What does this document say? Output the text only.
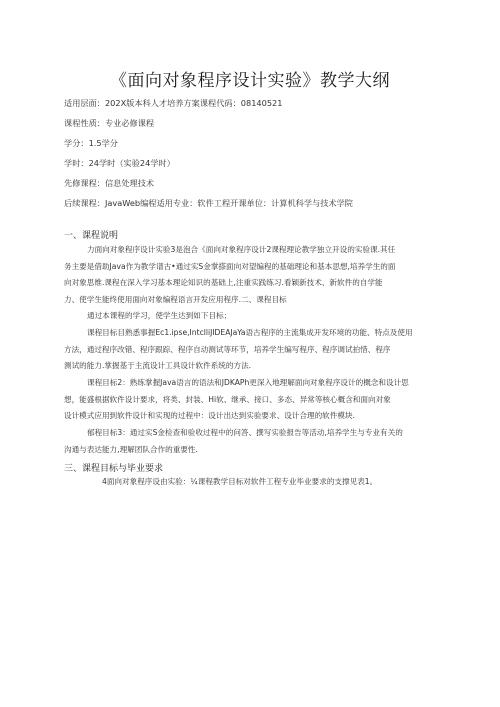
《面向对象程序设计实验》教学大纲
适用层面：202X版本科人才培养方案课程代码：08140521
课程性质：专业必修课程
学分：1.5学分
学时：24学时（实验24学时）
先修课程：信息处理技术
后续课程：JavaWeb编程适用专业：软件工程开课单位：计算机科学与技术学院
一、课程说明
力面向对象程序设计实验3是泡合《面向对象程序设计2课程理论教学独立开设的实验课.其任
务主要是借助Java作为教学谱古•通过实S金掌搽面向对望编程的基础理论和基本思想,培养学生的面
向对象思维.课程在深入学习基本理论知识的基础上,注重实践练习.看颖新技术、新软件的自学能
力、使学生能终使用面向对象编程语言开发应用程序.二、课程目标
通过本课程的学习，使学生达到如下目标；
课程目标目熟悉事握Ec1.ipse,IntclliJIDEAJaYa语古程序的主流集成开发环境的功能、特点及使用
方法，通过程序改错、程序跟踪、程序自动测试等环节，培养学生编写程序、程序调试拍惜、程序
测试的能力.掌握基于主流设计工具设计软件系统的方法.
课程目标2：熟练掌握Java语言的语法和JDKAPh更深入地理解面向对象程序设计的概念和设计思
想，能盛根据软件设计要求，将类、封装、Hi软、继承、接口、多态、异常等核心概含和面向对象
设计模式应用到软件设计和实现的过程中：设计出达到实验要求、设计合理的软件模块.
郁程目标3：通过实S金检查和验收过程中的问答、撰写实验报告等活动,培养学生与专业有关的
沟通与表达能力,理解团队合作的重要性.
三、课程目标与毕业要求
4面向对象程序设由实验：¼课程教学目标对软件工程专业毕业要求的支撑见表1。
